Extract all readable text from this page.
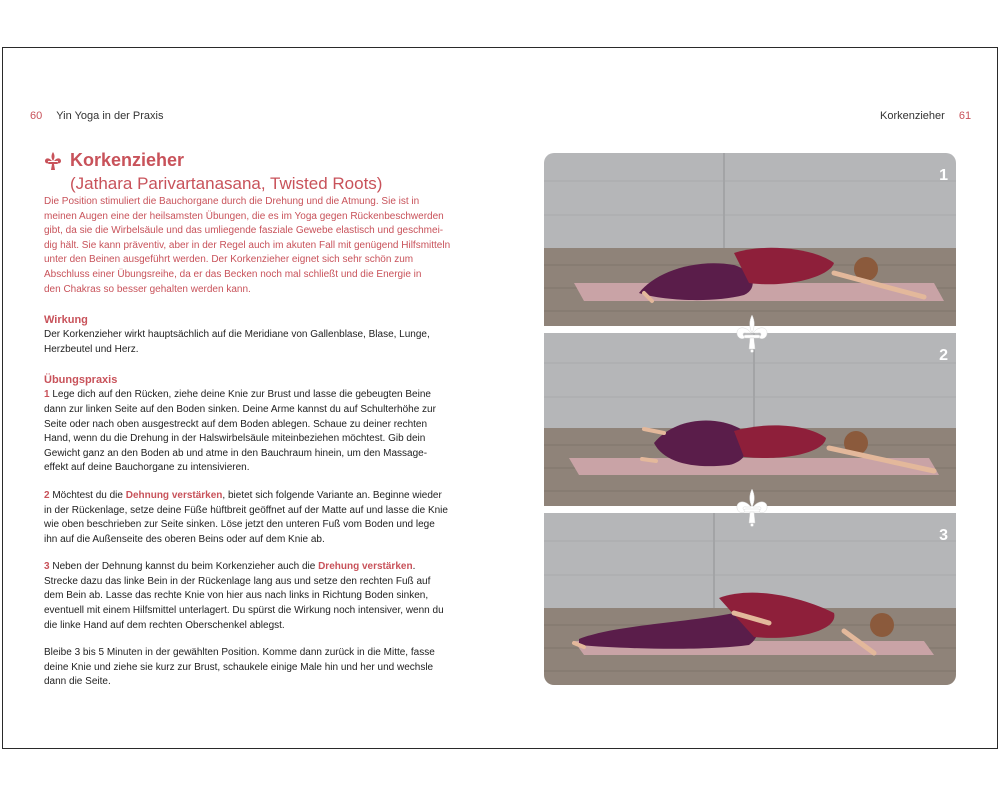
60 Yin Yoga in der Praxis	Korkenzieher 61
Korkenzieher
(Jathara Parivartanasana, Twisted Roots)
Die Position stimuliert die Bauchorgane durch die Drehung und die Atmung. Sie ist in
meinen Augen eine der heilsamsten Übungen, die es im Yoga gegen Rückenbeschwerden
gibt, da sie die Wirbelsäule und das umliegende fasziale Gewebe elastisch und geschmei-
dig hält. Sie kann präventiv, aber in der Regel auch im akuten Fall mit genügend Hilfsmitteln
unter den Beinen ausgeführt werden. Der Korkenzieher eignet sich sehr schön zum
Abschluss einer Übungsreihe, da er das Becken noch mal schließt und die Energie in
den Chakras so besser gehalten werden kann.
Wirkung
Der Korkenzieher wirkt hauptsächlich auf die Meridiane von Gallenblase, Blase, Lunge,
Herzbeutel und Herz.
Übungspraxis
1 Lege dich auf den Rücken, ziehe deine Knie zur Brust und lasse die gebeugten Beine
dann zur linken Seite auf den Boden sinken. Deine Arme kannst du auf Schulterhöhe zur
Seite oder nach oben ausgestreckt auf dem Boden ablegen. Schaue zu deiner rechten
Hand, wenn du die Drehung in der Halswirbelsäule miteinbeziehen möchtest. Gib dein
Gewicht ganz an den Boden ab und atme in den Bauchraum hinein, um den Massage-
effekt auf deine Bauchorgane zu intensivieren.
2 Möchtest du die Dehnung verstärken, bietet sich folgende Variante an. Beginne wieder
in der Rückenlage, setze deine Füße hüftbreit geöffnet auf der Matte auf und lasse die Knie
wie oben beschrieben zur Seite sinken. Löse jetzt den unteren Fuß vom Boden und lege
ihn auf die Außenseite des oberen Beins oder auf dem Knie ab.
3 Neben der Dehnung kannst du beim Korkenzieher auch die Drehung verstärken.
Strecke dazu das linke Bein in der Rückenlage lang aus und setze den rechten Fuß auf
dem Bein ab. Lasse das rechte Knie von hier aus nach links in Richtung Boden sinken,
eventuell mit einem Hilfsmittel unterlagert. Du spürst die Wirkung noch intensiver, wenn du
die linke Hand auf dem rechten Oberschenkel ablegst.
Bleibe 3 bis 5 Minuten in der gewählten Position. Komme dann zurück in die Mitte, fasse
deine Knie und ziehe sie kurz zur Brust, schaukele einige Male hin und her und wechsle
dann die Seite.
1
2
3
